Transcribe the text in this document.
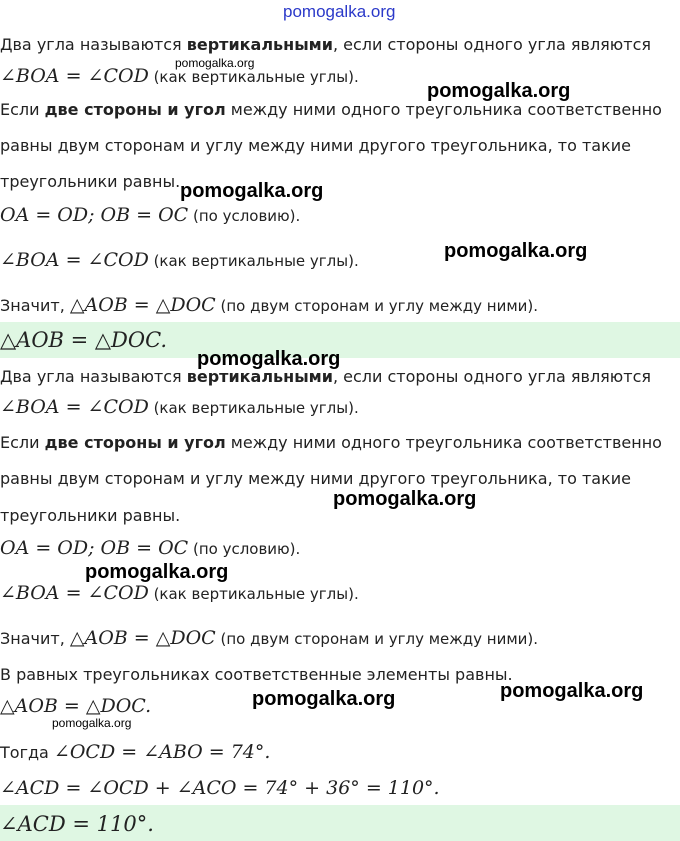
pomogalka.org
Два угла называются вертикальными, если стороны одного угла являются
∠BOA = ∠COD (как вертикальные углы).
Если две стороны и угол между ними одного треугольника соответственно
равны двум сторонам и углу между ними другого треугольника, то такие
треугольники равны.
OA = OD; OB = OC (по условию).
∠BOA = ∠COD (как вертикальные углы).
Значит, △AOB = △DOC (по двум сторонам и углу между ними).
△AOB = △DOC.
Два угла называются вертикальными, если стороны одного угла являются
∠BOA = ∠COD (как вертикальные углы).
Если две стороны и угол между ними одного треугольника соответственно
равны двум сторонам и углу между ними другого треугольника, то такие
треугольники равны.
OA = OD; OB = OC (по условию).
∠BOA = ∠COD (как вертикальные углы).
Значит, △AOB = △DOC (по двум сторонам и углу между ними).
В равных треугольниках соответственные элементы равны.
△AOB = △DOC.
Тогда ∠OCD = ∠ABO = 74°.
∠ACD = ∠OCD + ∠ACO = 74° + 36° = 110°.
∠ACD = 110°.
pomogalka.org
pomogalka.org
pomogalka.org
pomogalka.org
pomogalka.org
pomogalka.org
pomogalka.org
pomogalka.org
pomogalka.org
pomogalka.org
